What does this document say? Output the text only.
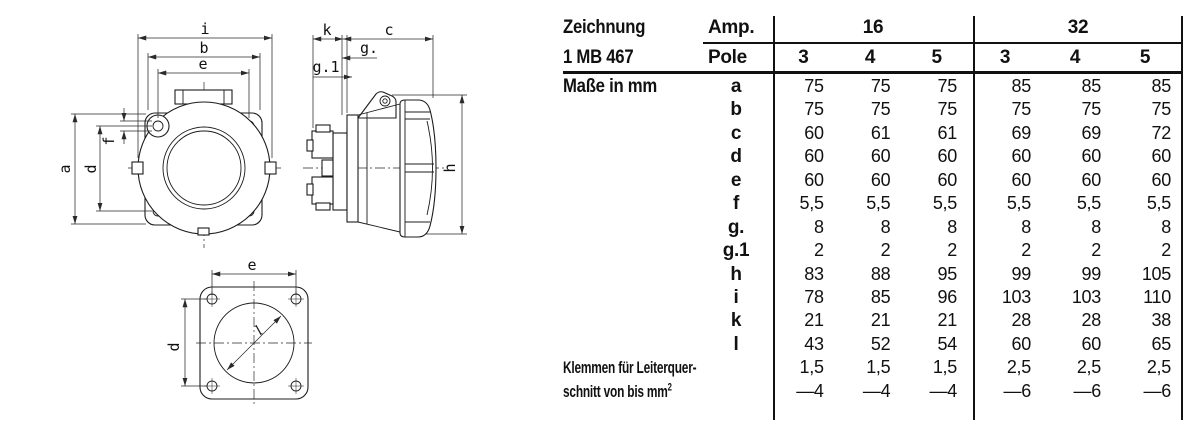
i
b
e
a d
f
k	c
g.
g.1
h
e
d
l
Zeichnung	Amp.	16	32
1 MB 467	Pole	3	4	5	3	4	5
Maße in mm	a	75	75	75	85	85	85
b	75	75	75	75	75	75
c	60	61	61	69	69	72
d	60	60	60	60	60	60
e	60	60	60	60	60	60
f	5,5	5,5	5,5	5,5	5,5	5,5
g.	8	8	8	8	8	8
g.1	2	2	2	2	2	2
h	83	88	95	99	99	105
i	78	85	96	103	103	110
k	21	21	21	28	28	38
l	43	52	54	60	60	65
Klemmen für Leiterquer-	1,5	1,5	1,5	2,5	2,5	2,5
schnitt von bis $mm^2$	—4	—4	—4	—6	—6	—6
